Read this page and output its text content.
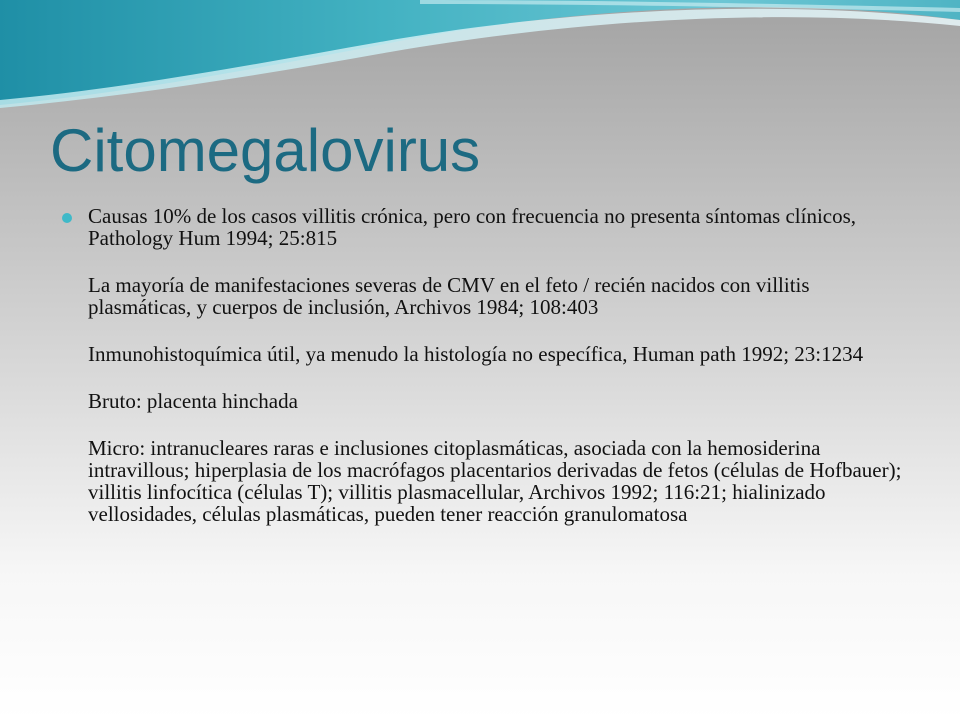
Citomegalovirus

Causas 10% de los casos villitis crónica, pero con frecuencia no presenta síntomas clínicos, Pathology Hum 1994; 25:815

La mayoría de manifestaciones severas de CMV en el feto / recién nacidos con villitis plasmáticas, y cuerpos de inclusión, Archivos 1984; 108:403

Inmunohistoquímica útil, ya menudo la histología no específica, Human path 1992; 23:1234

Bruto: placenta hinchada

Micro: intranucleares raras e inclusiones citoplasmáticas, asociada con la hemosiderina intravillous; hiperplasia de los macrófagos placentarios derivadas de fetos (células de Hofbauer); villitis linfocítica (células T); villitis plasmacellular, Archivos 1992; 116:21; hialinizado vellosidades, células plasmáticas, pueden tener reacción granulomatosa
